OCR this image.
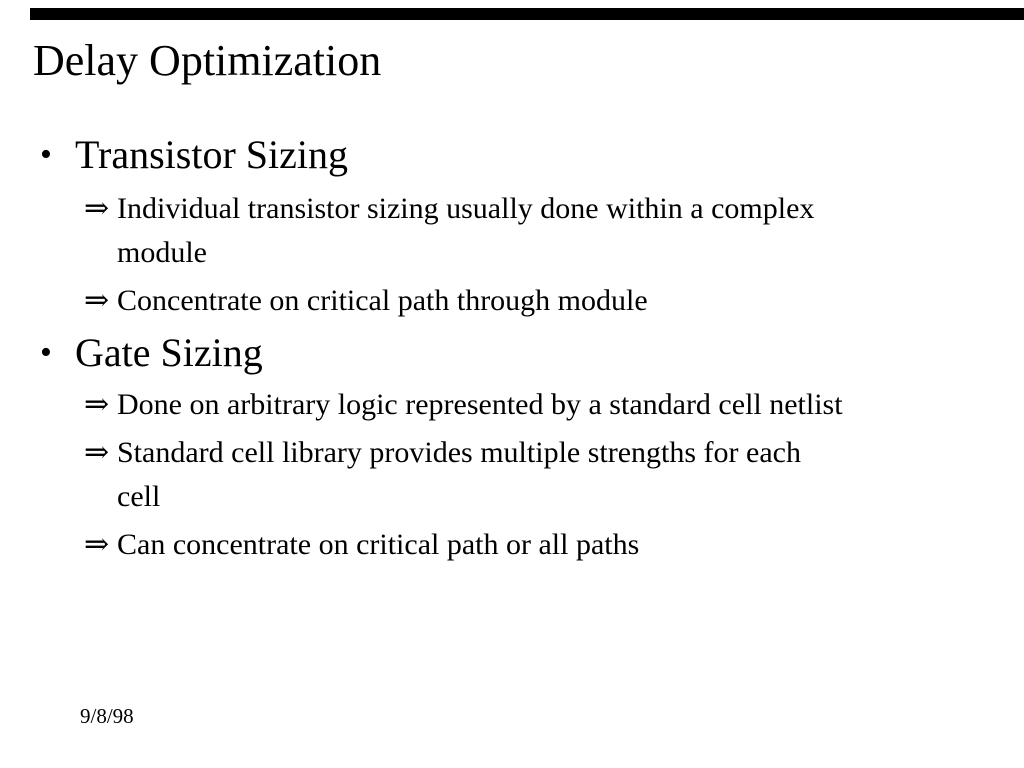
Delay Optimization
• Transistor Sizing
⇒ Individual transistor sizing usually done within a complex
module
⇒ Concentrate on critical path through module
• Gate Sizing
⇒ Done on arbitrary logic represented by a standard cell netlist
⇒ Standard cell library provides multiple strengths for each
cell
⇒ Can concentrate on critical path or all paths
9/8/98
